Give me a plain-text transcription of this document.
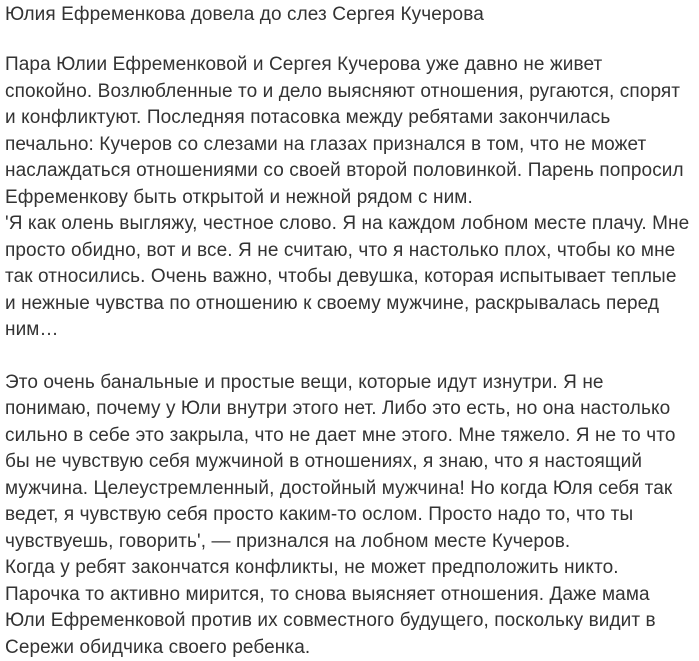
Юлия Ефременкова довела до слез Сергея Кучерова

Пара Юлии Ефременковой и Сергея Кучерова уже давно не живет спокойно. Возлюбленные то и дело выясняют отношения, ругаются, спорят и конфликтуют. Последняя потасовка между ребятами закончилась печально: Кучеров со слезами на глазах признался в том, что не может наслаждаться отношениями со своей второй половинкой. Парень попросил Ефременкову быть открытой и нежной рядом с ним.

'Я как олень выгляжу, честное слово. Я на каждом лобном месте плачу. Мне просто обидно, вот и все. Я не считаю, что я настолько плох, чтобы ко мне так относились. Очень важно, чтобы девушка, которая испытывает теплые и нежные чувства по отношению к своему мужчине, раскрывалась перед ним…

Это очень банальные и простые вещи, которые идут изнутри. Я не понимаю, почему у Юли внутри этого нет. Либо это есть, но она настолько сильно в себе это закрыла, что не дает мне этого. Мне тяжело. Я не то что бы не чувствую себя мужчиной в отношениях, я знаю, что я настоящий мужчина. Целеустремленный, достойный мужчина! Но когда Юля себя так ведет, я чувствую себя просто каким-то ослом. Просто надо то, что ты чувствуешь, говорить', — признался на лобном месте Кучеров.

Когда у ребят закончатся конфликты, не может предположить никто. Парочка то активно мирится, то снова выясняет отношения. Даже мама Юли Ефременковой против их совместного будущего, поскольку видит в Сережи обидчика своего ребенка.
